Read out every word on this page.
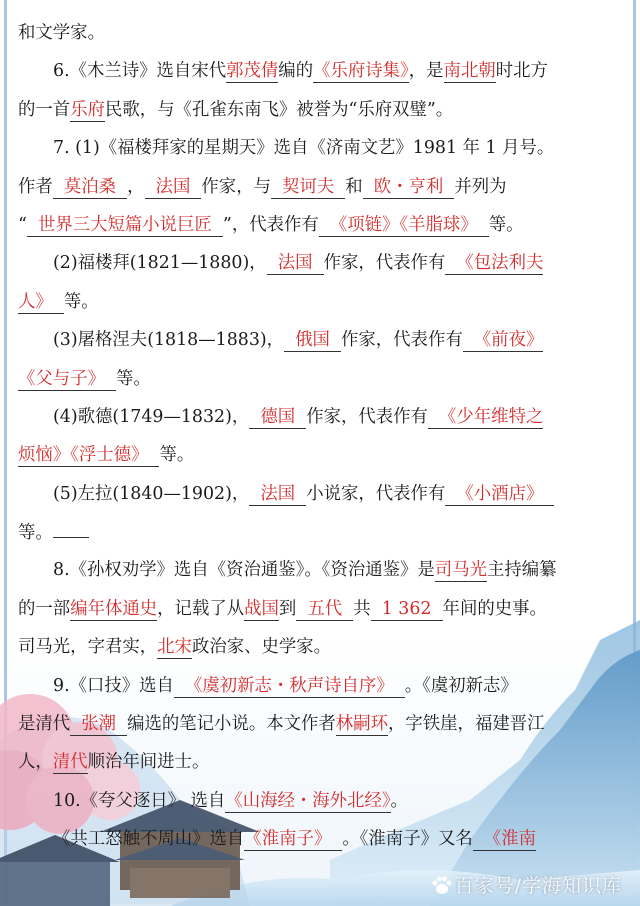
和文学家。
6.《木兰诗》选自宋代郭茂倩编的《乐府诗集》，是南北朝时北方
的一首乐府民歌，与《孔雀东南飞》被誉为“乐府双璧”。
7. (1)《福楼拜家的星期天》选自《济南文艺》1981 年 1 月号。
作者  莫泊桑  ，  法国  作家，与  契诃夫  和  欧・亨利  并列为
“  世界三大短篇小说巨匠  ”，代表作有  《项链》《羊脂球》  等。
(2)福楼拜(1821—1880)，  法国  作家，代表作有  《包法利夫
人》  等。
(3)屠格涅夫(1818—1883)，  俄国  作家，代表作有  《前夜》
《父与子》  等。
(4)歌德(1749—1832)，  德国  作家，代表作有  《少年维特之
烦恼》《浮士德》  等。
(5)左拉(1840—1902)，  法国  小说家，代表作有  《小酒店》
等。
8.《孙权劝学》选自《资治通鉴》。《资治通鉴》是司马光主持编纂
的一部编年体通史，记载了从战国到  五代  共  1 362  年间的史事。
司马光，字君实，北宋政治家、史学家。
9.《口技》选自  《虞初新志・秋声诗自序》  。《虞初新志》
是清代  张潮  编选的笔记小说。本文作者林嗣环，字铁崖，福建晋江
人，清代顺治年间进士。
10.《夸父逐日》 选自《山海经・海外北经》。
《共工怒触不周山》选自《淮南子》  。《淮南子》又名  《淮南
百家号/学海知识库
